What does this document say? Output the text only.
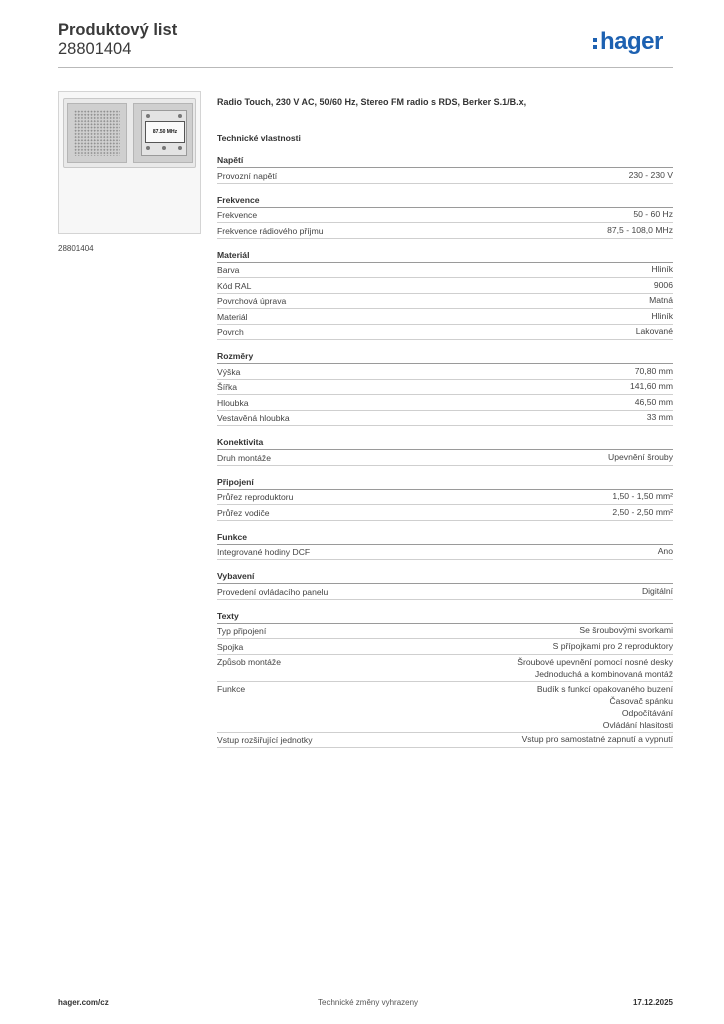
Produktový list
28801404	hager
87.50 MHz
28801404
Radio Touch, 230 V AC, 50/60 Hz, Stereo FM radio s RDS, Berker S.1/B.x,
Technické vlastnosti
Napětí
Provozní napětí	230 - 230 V
Frekvence
Frekvence	50 - 60 Hz
Frekvence rádiového příjmu	87,5 - 108,0 MHz
Materiál
Barva	Hliník
Kód RAL	9006
Povrchová úprava	Matná
Materiál	Hliník
Povrch	Lakované
Rozměry
Výška	70,80 mm
Šířka	141,60 mm
Hloubka	46,50 mm
Vestavěná hloubka	33 mm
Konektivita
Druh montáže	Upevnění šrouby
Připojení
Průřez reproduktoru	1,50 - 1,50 mm²
Průřez vodiče	2,50 - 2,50 mm²
Funkce
Integrované hodiny DCF	Ano
Vybavení
Provedení ovládacího panelu	Digitální
Texty
Typ připojení	Se šroubovými svorkami
Spojka	S přípojkami pro 2 reproduktory
Způsob montáže	Šroubové upevnění pomocí nosné desky
Jednoduchá a kombinovaná montáž
Funkce	Budík s funkcí opakovaného buzení
Časovač spánku
Odpočítávání
Ovládání hlasitosti
Vstup rozšiřující jednotky	Vstup pro samostatné zapnutí a vypnutí
hager.com/cz	Technické změny vyhrazeny	17.12.2025
